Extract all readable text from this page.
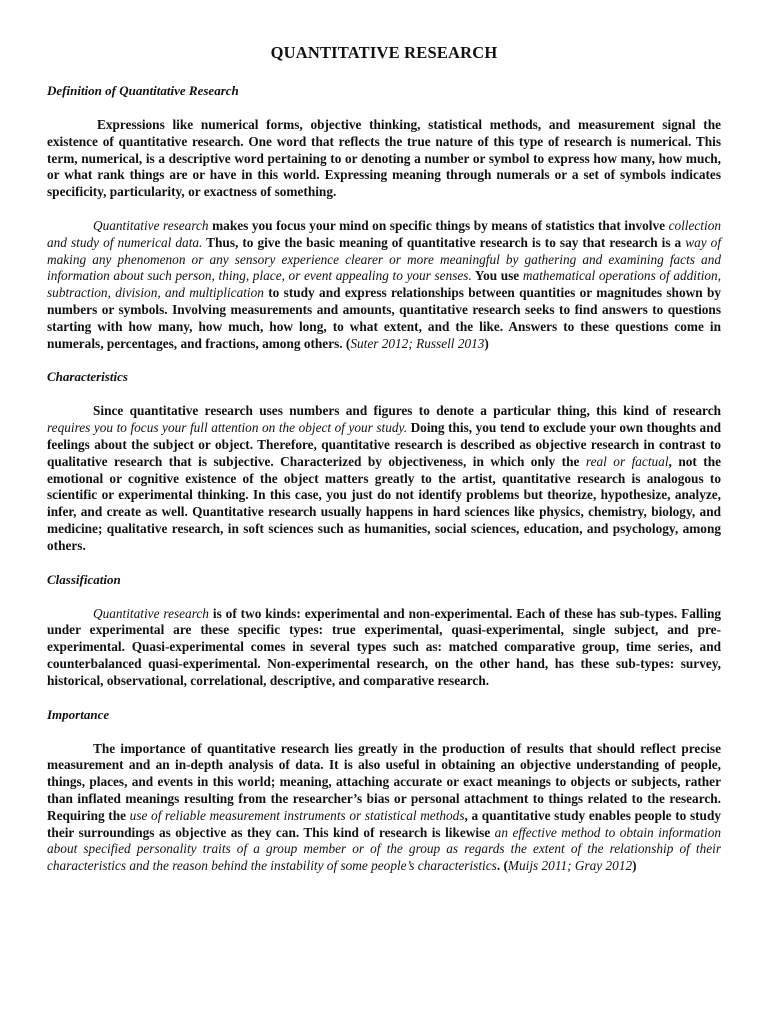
QUANTITATIVE RESEARCH
Definition of Quantitative Research

Expressions like numerical forms, objective thinking, statistical methods, and measurement signal the existence of quantitative research. One word that reflects the true nature of this type of research is numerical. This term, numerical, is a descriptive word pertaining to or denoting a number or symbol to express how many, how much, or what rank things are or have in this world. Expressing meaning through numerals or a set of symbols indicates specificity, particularity, or exactness of something.

Quantitative research makes you focus your mind on specific things by means of statistics that involve collection and study of numerical data. Thus, to give the basic meaning of quantitative research is to say that research is a way of making any phenomenon or any sensory experience clearer or more meaningful by gathering and examining facts and information about such person, thing, place, or event appealing to your senses. You use mathematical operations of addition, subtraction, division, and multiplication to study and express relationships between quantities or magnitudes shown by numbers or symbols. Involving measurements and amounts, quantitative research seeks to find answers to questions starting with how many, how much, how long, to what extent, and the like. Answers to these questions come in numerals, percentages, and fractions, among others. (Suter 2012; Russell 2013)

Characteristics

Since quantitative research uses numbers and figures to denote a particular thing, this kind of research requires you to focus your full attention on the object of your study. Doing this, you tend to exclude your own thoughts and feelings about the subject or object. Therefore, quantitative research is described as objective research in contrast to qualitative research that is subjective. Characterized by objectiveness, in which only the real or factual, not the emotional or cognitive existence of the object matters greatly to the artist, quantitative research is analogous to scientific or experimental thinking. In this case, you just do not identify problems but theorize, hypothesize, analyze, infer, and create as well. Quantitative research usually happens in hard sciences like physics, chemistry, biology, and medicine; qualitative research, in soft sciences such as humanities, social sciences, education, and psychology, among others.

Classification

Quantitative research is of two kinds: experimental and non-experimental. Each of these has sub-types. Falling under experimental are these specific types: true experimental, quasi-experimental, single subject, and pre-experimental. Quasi-experimental comes in several types such as: matched comparative group, time series, and counterbalanced quasi-experimental. Non-experimental research, on the other hand, has these sub-types: survey, historical, observational, correlational, descriptive, and comparative research.

Importance

The importance of quantitative research lies greatly in the production of results that should reflect precise measurement and an in-depth analysis of data. It is also useful in obtaining an objective understanding of people, things, places, and events in this world; meaning, attaching accurate or exact meanings to objects or subjects, rather than inflated meanings resulting from the researcher’s bias or personal attachment to things related to the research. Requiring the use of reliable measurement instruments or statistical methods, a quantitative study enables people to study their surroundings as objective as they can. This kind of research is likewise an effective method to obtain information about specified personality traits of a group member or of the group as regards the extent of the relationship of their characteristics and the reason behind the instability of some people’s characteristics. (Muijs 2011; Gray 2012)
